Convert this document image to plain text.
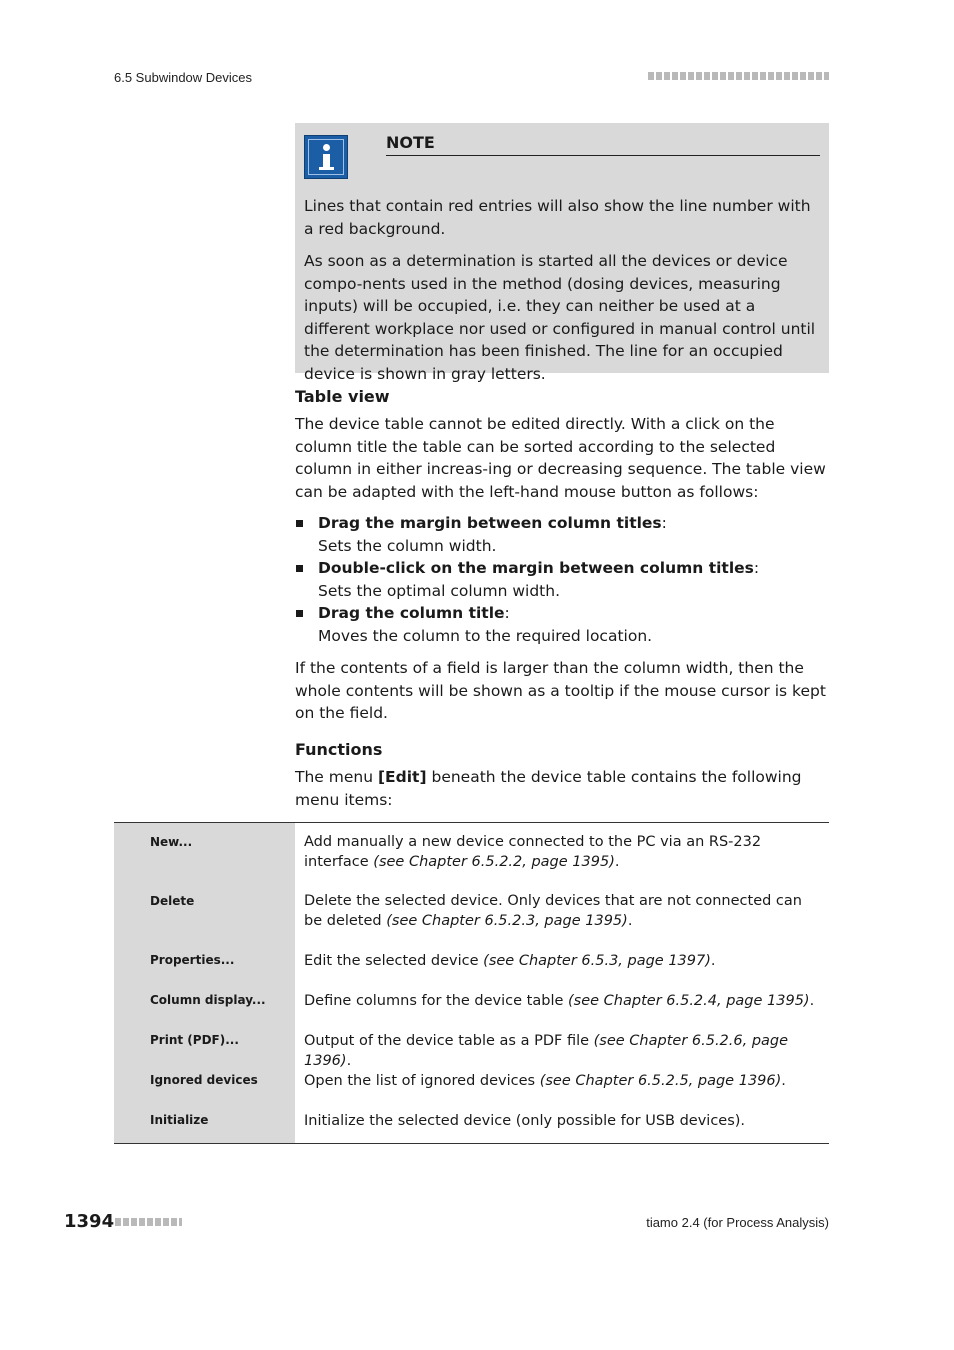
6.5 Subwindow Devices
NOTE

Lines that contain red entries will also show the line number with a red background.

As soon as a determination is started all the devices or device compo-nents used in the method (dosing devices, measuring inputs) will be occupied, i.e. they can neither be used at a different workplace nor used or configured in manual control until the determination has been finished. The line for an occupied device is shown in gray letters.

Table view

The device table cannot be edited directly. With a click on the column title the table can be sorted according to the selected column in either increas-ing or decreasing sequence. The table view can be adapted with the left-hand mouse button as follows:

Drag the margin between column titles:
Sets the column width.
Double-click on the margin between column titles:
Sets the optimal column width.
Drag the column title:
Moves the column to the required location.

If the contents of a field is larger than the column width, then the whole contents will be shown as a tooltip if the mouse cursor is kept on the field.

Functions

The menu [Edit] beneath the device table contains the following menu items:

New...	Add manually a new device connected to the PC via an RS-232 interface (see Chapter 6.5.2.2, page 1395).
Delete	Delete the selected device. Only devices that are not connected can be deleted (see Chapter 6.5.2.3, page 1395).
Properties...	Edit the selected device (see Chapter 6.5.3, page 1397).
Column display...	Define columns for the device table (see Chapter 6.5.2.4, page 1395).
Print (PDF)...	Output of the device table as a PDF file (see Chapter 6.5.2.6, page 1396).
Ignored devices	Open the list of ignored devices (see Chapter 6.5.2.5, page 1396).
Initialize	Initialize the selected device (only possible for USB devices).
1394	tiamo 2.4 (for Process Analysis)
